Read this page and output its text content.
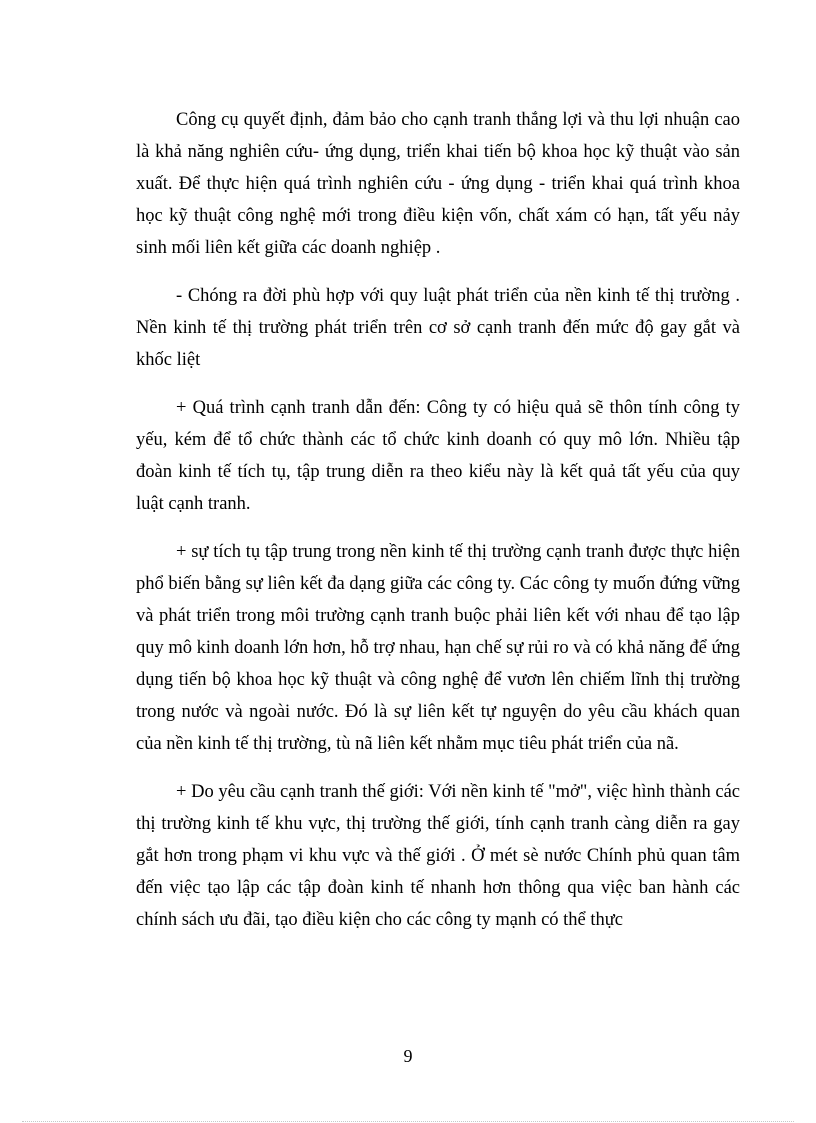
Công cụ quyết định, đảm bảo cho cạnh tranh thắng lợi và thu lợi nhuận cao là khả năng nghiên cứu- ứng dụng, triển khai tiến bộ khoa học kỹ thuật vào sản xuất. Để thực hiện quá trình nghiên cứu - ứng dụng - triển khai quá trình khoa học kỹ thuật công nghệ mới trong điều kiện vốn, chất xám có hạn, tất yếu nảy sinh mối liên kết giữa các doanh nghiệp .

- Chóng ra đời phù hợp với quy luật phát triển của nền kinh tế thị trường . Nền kinh tế thị trường phát triển trên cơ sở cạnh tranh đến mức độ gay gắt và khốc liệt

+ Quá trình cạnh tranh dẫn đến: Công ty có hiệu quả sẽ thôn tính công ty yếu, kém để tổ chức thành các tổ chức kinh doanh có quy mô lớn. Nhiều tập đoàn kinh tế tích tụ, tập trung diễn ra theo kiểu này là kết quả tất yếu của quy luật cạnh tranh.

+ sự tích tụ tập trung trong nền kinh tế thị trường cạnh tranh được thực hiện phổ biến bằng sự liên kết đa dạng giữa các công ty. Các công ty muốn đứng vững và phát triển trong môi trường cạnh tranh buộc phải liên kết với nhau để tạo lập quy mô kinh doanh lớn hơn, hỗ trợ nhau, hạn chế sự rủi ro và có khả năng để ứng dụng tiến bộ khoa học kỹ thuật và công nghệ để vươn lên chiếm lĩnh thị trường trong nước và ngoài nước. Đó là sự liên kết tự nguyện do yêu cầu khách quan của nền kinh tế thị trường, tù nã liên kết nhằm mục tiêu phát triển của nã.

+ Do yêu cầu cạnh tranh thế giới: Với nền kinh tế "mở", việc hình thành các thị trường kinh tế khu vực, thị trường thế giới, tính cạnh tranh càng diễn ra gay gắt hơn trong phạm vi khu vực và thế giới . Ở mét sè nước Chính phủ quan tâm đến việc tạo lập các tập đoàn kinh tế nhanh hơn thông qua việc ban hành các chính sách ưu đãi, tạo điều kiện cho các công ty mạnh có thể thực

9
